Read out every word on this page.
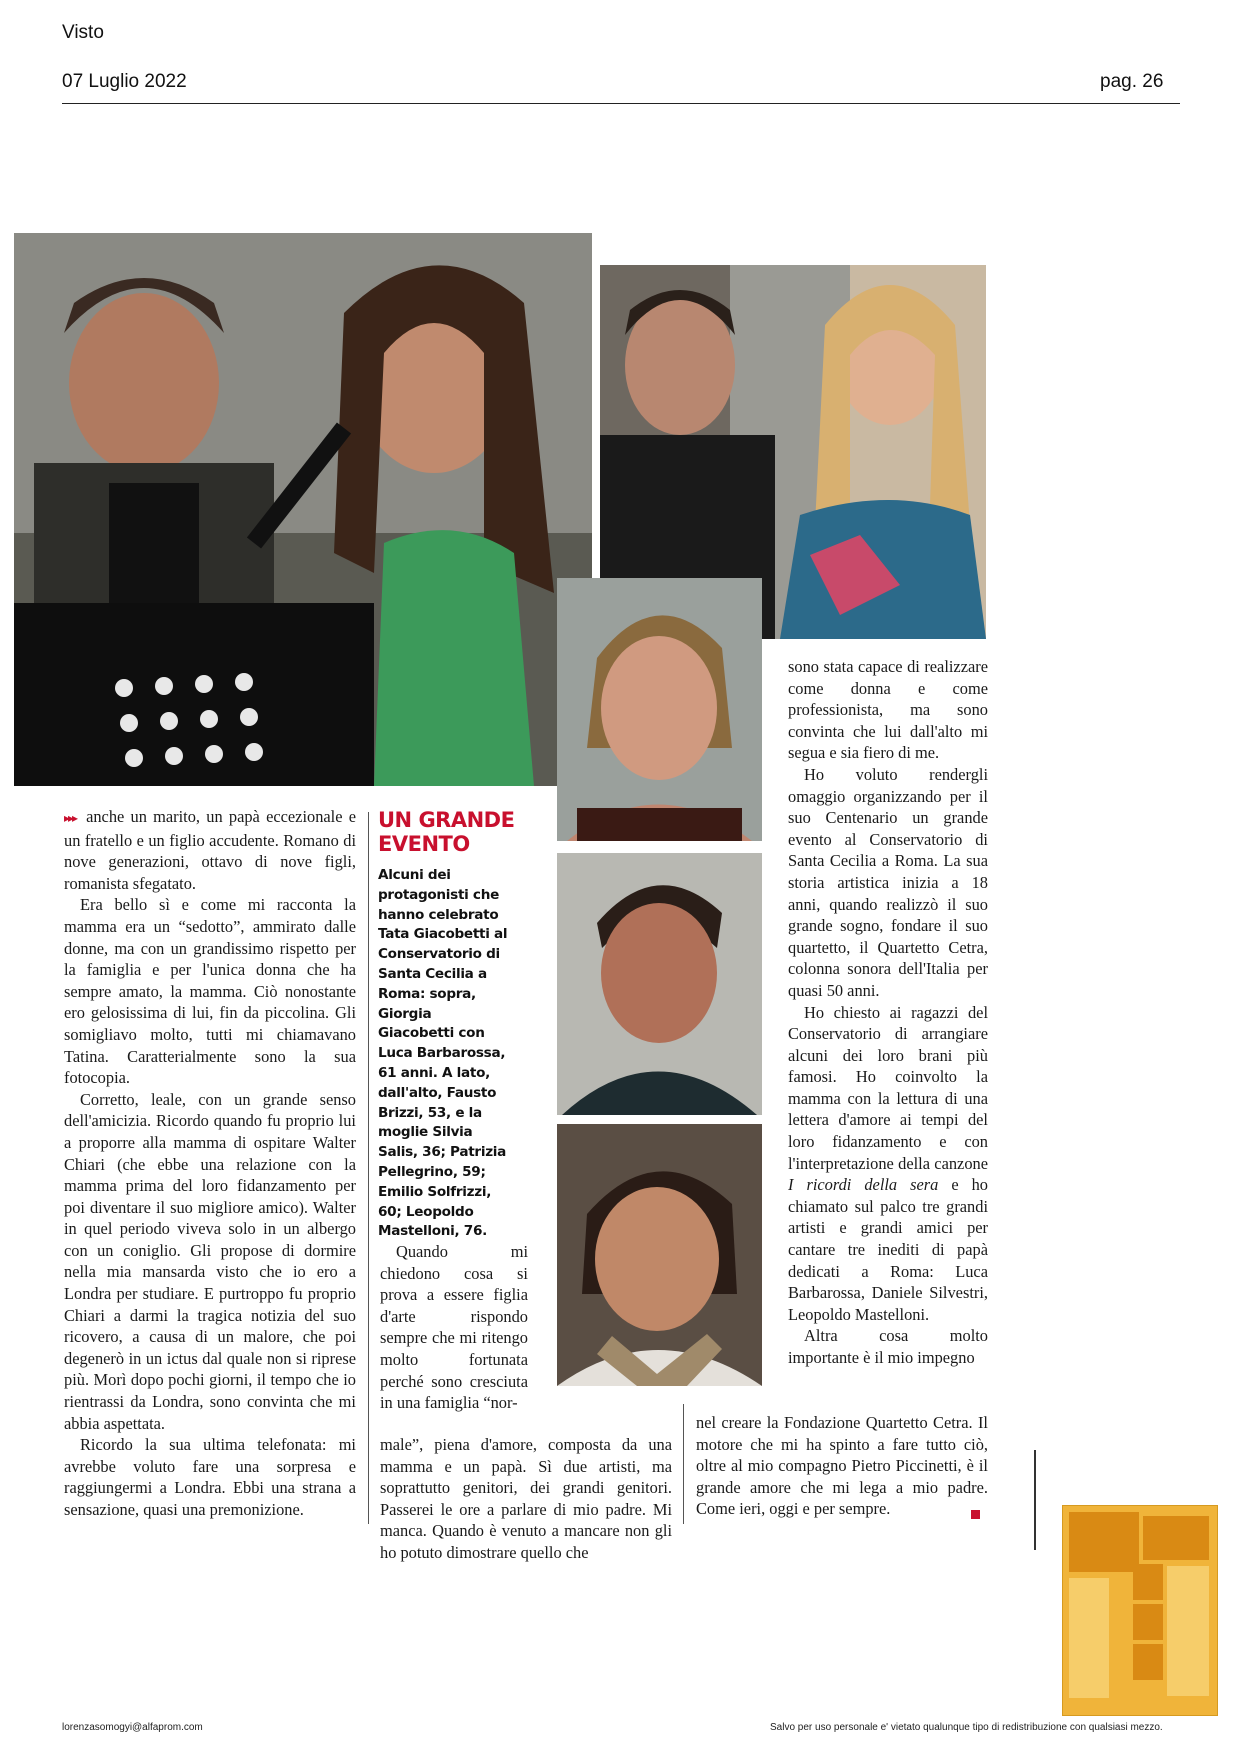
Visto
07 Luglio 2022	pag. 26

▸▸▸ anche un marito, un papà eccezionale e un fratello e un figlio accudente. Romano di nove generazioni, ottavo di nove figli, romanista sfegatato.

Era bello sì e come mi racconta la mamma era un “sedotto”, ammirato dalle donne, ma con un grandissimo rispetto per la famiglia e per l'unica donna che ha sempre amato, la mamma. Ciò nonostante ero gelosissima di lui, fin da piccolina. Gli somigliavo molto, tutti mi chiamavano Tatina. Caratterialmente sono la sua fotocopia.

Corretto, leale, con un grande senso dell'amicizia. Ricordo quando fu proprio lui a proporre alla mamma di ospitare Walter Chiari (che ebbe una relazione con la mamma prima del loro fidanzamento per poi diventare il suo migliore amico). Walter in quel periodo viveva solo in un albergo con un coniglio. Gli propose di dormire nella mia mansarda visto che io ero a Londra per studiare. E purtroppo fu proprio Chiari a darmi la tragica notizia del suo ricovero, a causa di un malore, che poi degenerò in un ictus dal quale non si riprese più. Morì dopo pochi giorni, il tempo che io rientrassi da Londra, sono convinta che mi abbia aspettata.

Ricordo la sua ultima telefonata: mi avrebbe voluto fare una sorpresa e raggiungermi a Londra. Ebbi una strana a sensazione, quasi una premonizione.

UN GRANDE EVENTO
Alcuni dei protagonisti che hanno celebrato Tata Giacobetti al Conservatorio di Santa Cecilia a Roma: sopra, Giorgia Giacobetti con Luca Barbarossa, 61 anni. A lato, dall'alto, Fausto Brizzi, 53, e la moglie Silvia Salis, 36; Patrizia Pellegrino, 59; Emilio Solfrizzi, 60; Leopoldo Mastelloni, 76.

Quando mi chiedono cosa si prova a essere figlia d'arte rispondo sempre che mi ritengo molto fortunata perché sono cresciuta in una famiglia “nor-

male”, piena d'amore, composta da una mamma e un papà. Sì due artisti, ma soprattutto genitori, dei grandi genitori. Passerei le ore a parlare di mio padre. Mi manca. Quando è venuto a mancare non gli ho potuto dimostrare quello che

sono stata capace di realizzare come donna e come professionista, ma sono convinta che lui dall'alto mi segua e sia fiero di me.

Ho voluto rendergli omaggio organizzando per il suo Centenario un grande evento al Conservatorio di Santa Cecilia a Roma. La sua storia artistica inizia a 18 anni, quando realizzò il suo grande sogno, fondare il suo quartetto, il Quartetto Cetra, colonna sonora dell'Italia per quasi 50 anni.

Ho chiesto ai ragazzi del Conservatorio di arrangiare alcuni dei loro brani più famosi. Ho coinvolto la mamma con la lettura di una lettera d'amore ai tempi del loro fidanzamento e con l'interpretazione della canzone I ricordi della sera e ho chiamato sul palco tre grandi artisti e grandi amici per cantare tre inediti di papà dedicati a Roma: Luca Barbarossa, Daniele Silvestri, Leopoldo Mastelloni.

Altra cosa molto importante è il mio impegno

nel creare la Fondazione Quartetto Cetra. Il motore che mi ha spinto a fare tutto ciò, oltre al mio compagno Pietro Piccinetti, è il grande amore che mi lega a mio padre. Come ieri, oggi e per sempre.

lorenzasomogyi@alfaprom.com	Salvo per uso personale e' vietato qualunque tipo di redistribuzione con qualsiasi mezzo.
